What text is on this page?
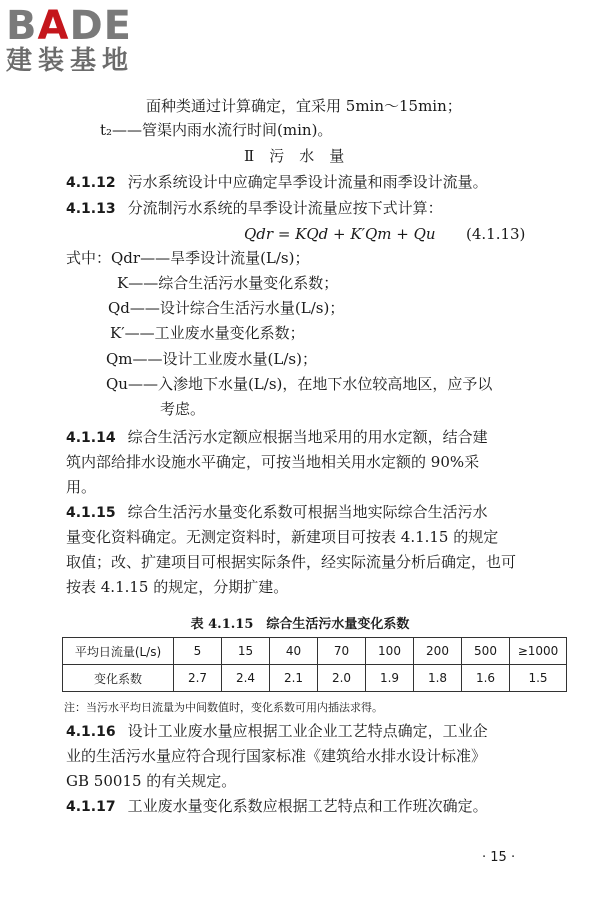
BADE
建装基地
面种类通过计算确定，宜采用 5min～15min；
t₂——管渠内雨水流行时间(min)。
Ⅱ　污　水　量
4.1.12 污水系统设计中应确定旱季设计流量和雨季设计流量。
4.1.13 分流制污水系统的旱季设计流量应按下式计算：
Qdr = KQd + K′Qm + Qu (4.1.13)
式中：Qdr——旱季设计流量(L/s)；
K——综合生活污水量变化系数；
Qd——设计综合生活污水量(L/s)；
K′——工业废水量变化系数；
Qm——设计工业废水量(L/s)；
Qu——入渗地下水量(L/s)，在地下水位较高地区，应予以
考虑。
4.1.14 综合生活污水定额应根据当地采用的用水定额，结合建
筑内部给排水设施水平确定，可按当地相关用水定额的 90%采
用。
4.1.15 综合生活污水量变化系数可根据当地实际综合生活污水
量变化资料确定。无测定资料时，新建项目可按表 4.1.15 的规定
取值；改、扩建项目可根据实际条件，经实际流量分析后确定，也可
按表 4.1.15 的规定，分期扩建。
表 4.1.15　综合生活污水量变化系数
平均日流量(L/s)	5	15	40	70	100	200	500	≥1000
变化系数	2.7	2.4	2.1	2.0	1.9	1.8	1.6	1.5
注：当污水平均日流量为中间数值时，变化系数可用内插法求得。
4.1.16 设计工业废水量应根据工业企业工艺特点确定，工业企
业的生活污水量应符合现行国家标准《建筑给水排水设计标准》
GB 50015 的有关规定。
4.1.17 工业废水量变化系数应根据工艺特点和工作班次确定。
· 15 ·
